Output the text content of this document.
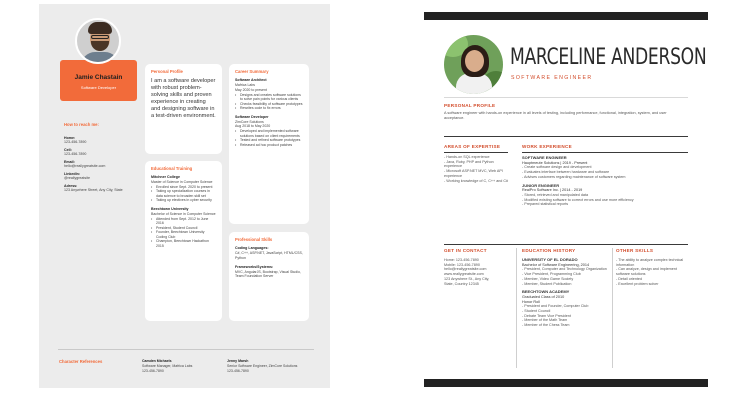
Jamie Chastain
Software Developer
How to reach me:
Home:
123-456-7890
Cell:
123-456-7890
Email:
hello@reallygreatsite.com
LinkedIn:
@reallygreatsite
Adress:
123 Anywhere Street, Any City, State
Personal Profile
I am a software developer with robust problem-solving skills and proven experience in creating and designing software in a test-driven environment.
Career Summary
Software Architect
Mafrica Labs
May 2020 to present
• Designs and creates software solutions to solve pain points for various clients
• Checks feasibility of software prototypes
• Rewrites code to fix errors
Software Developer
ZimCore Solutions
Aug 2018 to May 2020
• Developed and implemented software solutions based on client requirements
• Tested and refined software prototypes
• Released ad hoc product patches
Educational Training
Mitchner College
Master of Science in Computer Science
• Enrolled since Sept. 2020 to present
• Taking up specialization courses in data science to broaden skill set
• Taking up electives in cyber security
Beechtown University
Bachelor of Science in Computer Science
• Attended from Sept. 2012 to June 2016
• President, Student Council
• Founder, Beechtown University Coding Club
• Champion, Beechtown Hackathon 2015
Professional Skills
Coding Languages:
C#, C++, ASP.NET, JavaScript, HTML/CSS, Python
Frameworks/Systems:
MVC, AngularJS, Bootstrap, Visual Studio, Team Foundation Server
Character References	Camden Michaels
Software Manager, Mafrica Labs
123-456-7890
Jenny Marsh
Senior Software Engineer, ZimCore Solutions
123-456-7890
MARCELINE ANDERSON
SOFTWARE ENGINEER
PERSONAL PROFILE
A software engineer with hands-on experience in all levels of testing, including performance, functional, integration, system, and user acceptance.
AREAS OF EXPERTISE
- Hands-on SQL experience
- Java, Ruby, PHP and Python experience
- Microsoft ASP.NET MVC, Web API experience
- Working knowledge of C, C++ and C#
WORK EXPERIENCE
SOFTWARE ENGINEER
Hauptmeute Solutions | 2019 - Present
- Create software design and development
- Evaluates interface between hardware and software
- Advises customers regarding maintenance of software system
JUNIOR ENGINEER
RealPro Software Inc. | 2014 - 2019
- Stored, retrieved and manipulated data
- Modified existing software to correct errors and use more efficiency
- Prepared statistical reports
GET IN CONTACT
Home: 123-456-7890
Mobile: 123-456-7890
hello@reallygreatsite.com
www.reallygreatsite.com
123 Anywhere St., Any City,
State, Country 12345
EDUCATION HISTORY
UNIVERSITY OF EL DORADO
Bachelor of Software Engineering, 2014
- President, Computer and Technology Organization
- Vice President, Programming Club
- Member, Video Game Society
- Member, Student Publication
BEECHTOWN ACADEMY
Graduated Class of 2010
Honor Roll
- President and Founder, Computer Club
- Student Council
- Debate Team Vice President
- Member of the Math Team
- Member of the Chess Team
OTHER SKILLS
- The ability to analyze complex technical information
- Can analyze, design and implement software solutions
- Detail oriented
- Excellent problem solver
